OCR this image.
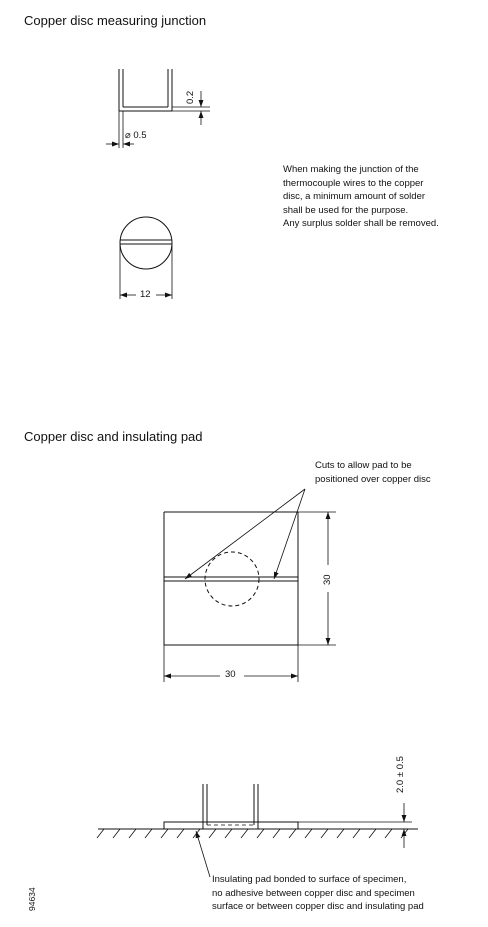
Copper disc measuring junction
0.2
⌀ 0.5
12
When making the junction of the
thermocouple wires to the copper
disc, a minimum amount of solder
shall be used for the purpose.
Any surplus solder shall be removed.
Copper disc and insulating pad
Cuts to allow pad to be
positioned over copper disc
30
30
2.0 ± 0.5
Insulating pad bonded to surface of specimen,
no adhesive between copper disc and specimen
surface or between copper disc and insulating pad
94634
